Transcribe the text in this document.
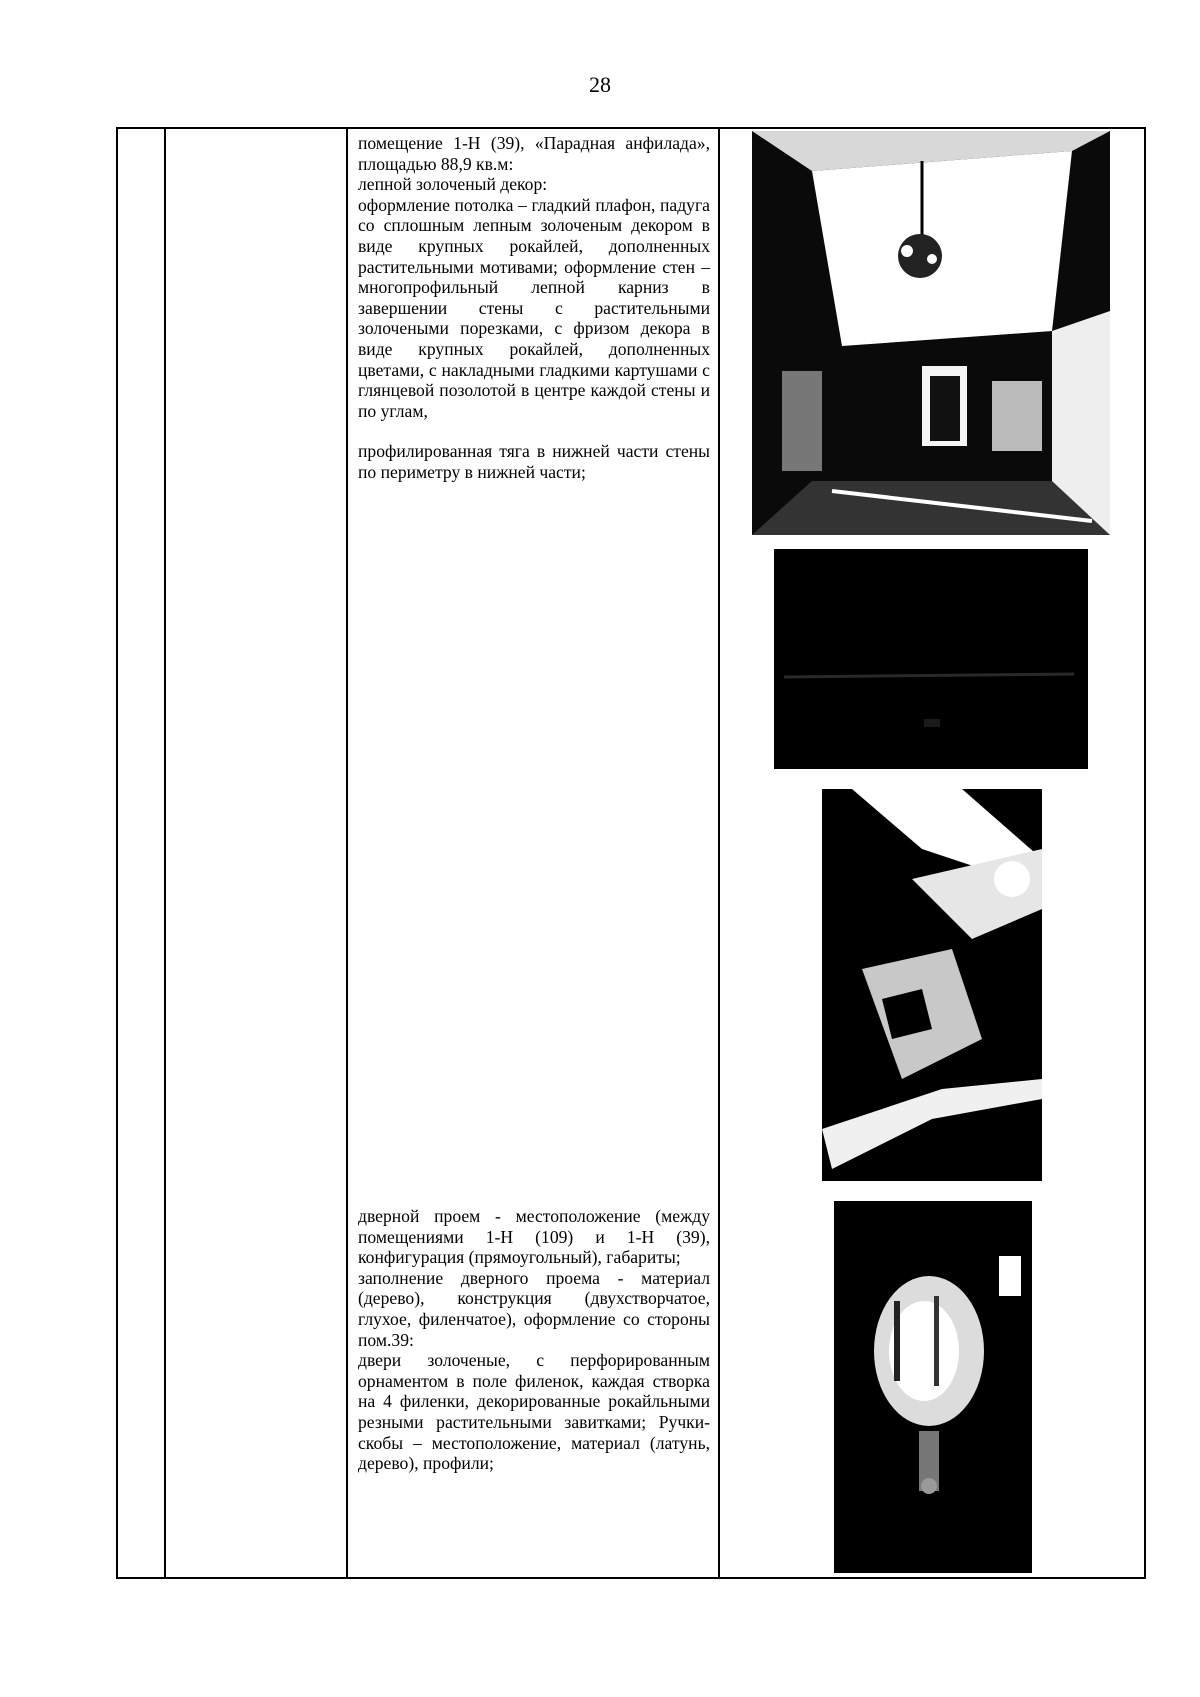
28

помещение 1-Н (39), «Парадная анфилада», площадью 88,9 кв.м:

лепной золоченый декор:

оформление потолка – гладкий плафон, падуга со сплошным лепным золоченым декором в виде крупных рокайлей, дополненных растительными мотивами; оформление стен – многопрофильный лепной карниз в завершении стены с растительными золочеными порезками, с фризом декора в виде крупных рокайлей, дополненных цветами, с накладными гладкими картушами с глянцевой позолотой в центре каждой стены и по углам,

профилированная тяга в нижней части стены по периметру в нижней части;

дверной проем - местоположение (между помещениями 1-Н (109) и 1-Н (39), конфигурация (прямоугольный), габариты;

заполнение дверного проема - материал (дерево), конструкция (двухстворчатое, глухое, филенчатое), оформление со стороны пом.39:

двери золоченые, с перфорированным орнаментом в поле филенок, каждая створка на 4 филенки, декорированные рокайльными резными растительными завитками; Ручки-скобы – местоположение, материал (латунь, дерево), профили;
